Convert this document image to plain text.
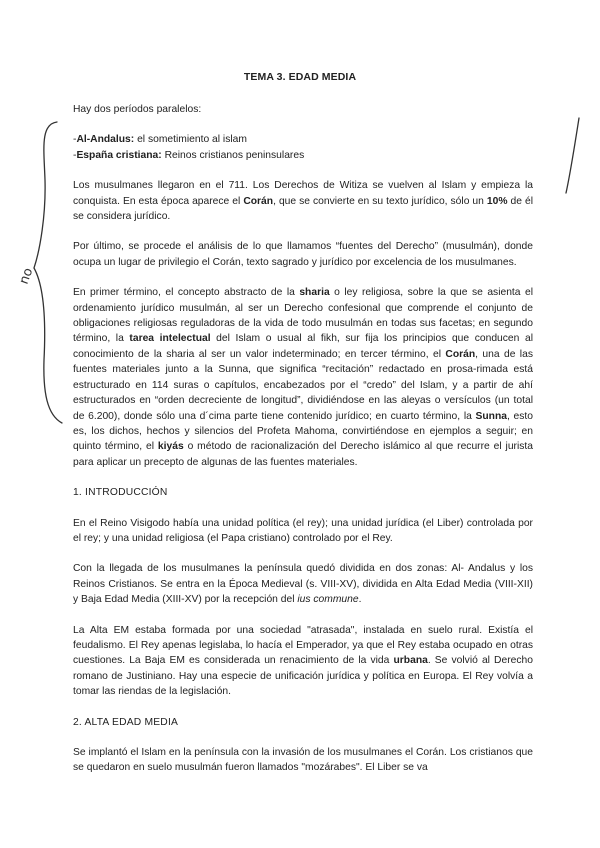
no
TEMA 3. EDAD MEDIA

Hay dos períodos paralelos:

-Al-Andalus: el sometimiento al islam
-España cristiana: Reinos cristianos peninsulares

Los musulmanes llegaron en el 711. Los Derechos de Witiza se vuelven al Islam y empieza la conquista. En esta época aparece el Corán, que se convierte en su texto jurídico, sólo un 10% de él se considera jurídico.

Por último, se procede el análisis de lo que llamamos “fuentes del Derecho” (musulmán), donde ocupa un lugar de privilegio el Corán, texto sagrado y jurídico por excelencia de los musulmanes.

En primer término, el concepto abstracto de la sharia o ley religiosa, sobre la que se asienta el ordenamiento jurídico musulmán, al ser un Derecho confesional que comprende el conjunto de obligaciones religiosas reguladoras de la vida de todo musulmán en todas sus facetas; en segundo término, la tarea intelectual del Islam o usual al fikh, sur fija los principios que conducen al conocimiento de la sharia al ser un valor indeterminado; en tercer término, el Corán, una de las fuentes materiales junto a la Sunna, que significa “recitación” redactado en prosa-rimada está estructurado en 114 suras o capítulos, encabezados por el “credo” del Islam, y a partir de ahí estructurados en “orden decreciente de longitud”, dividiéndose en las aleyas o versículos (un total de 6.200), donde sólo una d´cima parte tiene contenido jurídico; en cuarto término, la Sunna, esto es, los dichos, hechos y silencios del Profeta Mahoma, convirtiéndose en ejemplos a seguir; en quinto término, el kiyás o método de racionalización del Derecho islámico al que recurre el jurista para aplicar un precepto de algunas de las fuentes materiales.

1. INTRODUCCIÓN

En el Reino Visigodo había una unidad política (el rey); una unidad jurídica (el Liber) controlada por el rey; y una unidad religiosa (el Papa cristiano) controlado por el Rey.

Con la llegada de los musulmanes la península quedó dividida en dos zonas: Al- Andalus y los Reinos Cristianos. Se entra en la Época Medieval (s. VIII-XV), dividida en Alta Edad Media (VIII-XII) y Baja Edad Media (XIII-XV) por la recepción del ius commune.

La Alta EM estaba formada por una sociedad "atrasada", instalada en suelo rural. Existía el feudalismo. El Rey apenas legislaba, lo hacía el Emperador, ya que el Rey estaba ocupado en otras cuestiones. La Baja EM es considerada un renacimiento de la vida urbana. Se volvió al Derecho romano de Justiniano. Hay una especie de unificación jurídica y política en Europa. El Rey volvía a tomar las riendas de la legislación.

2. ALTA EDAD MEDIA

Se implantó el Islam en la península con la invasión de los musulmanes el Corán. Los cristianos que se quedaron en suelo musulmán fueron llamados "mozárabes". El Liber se va
